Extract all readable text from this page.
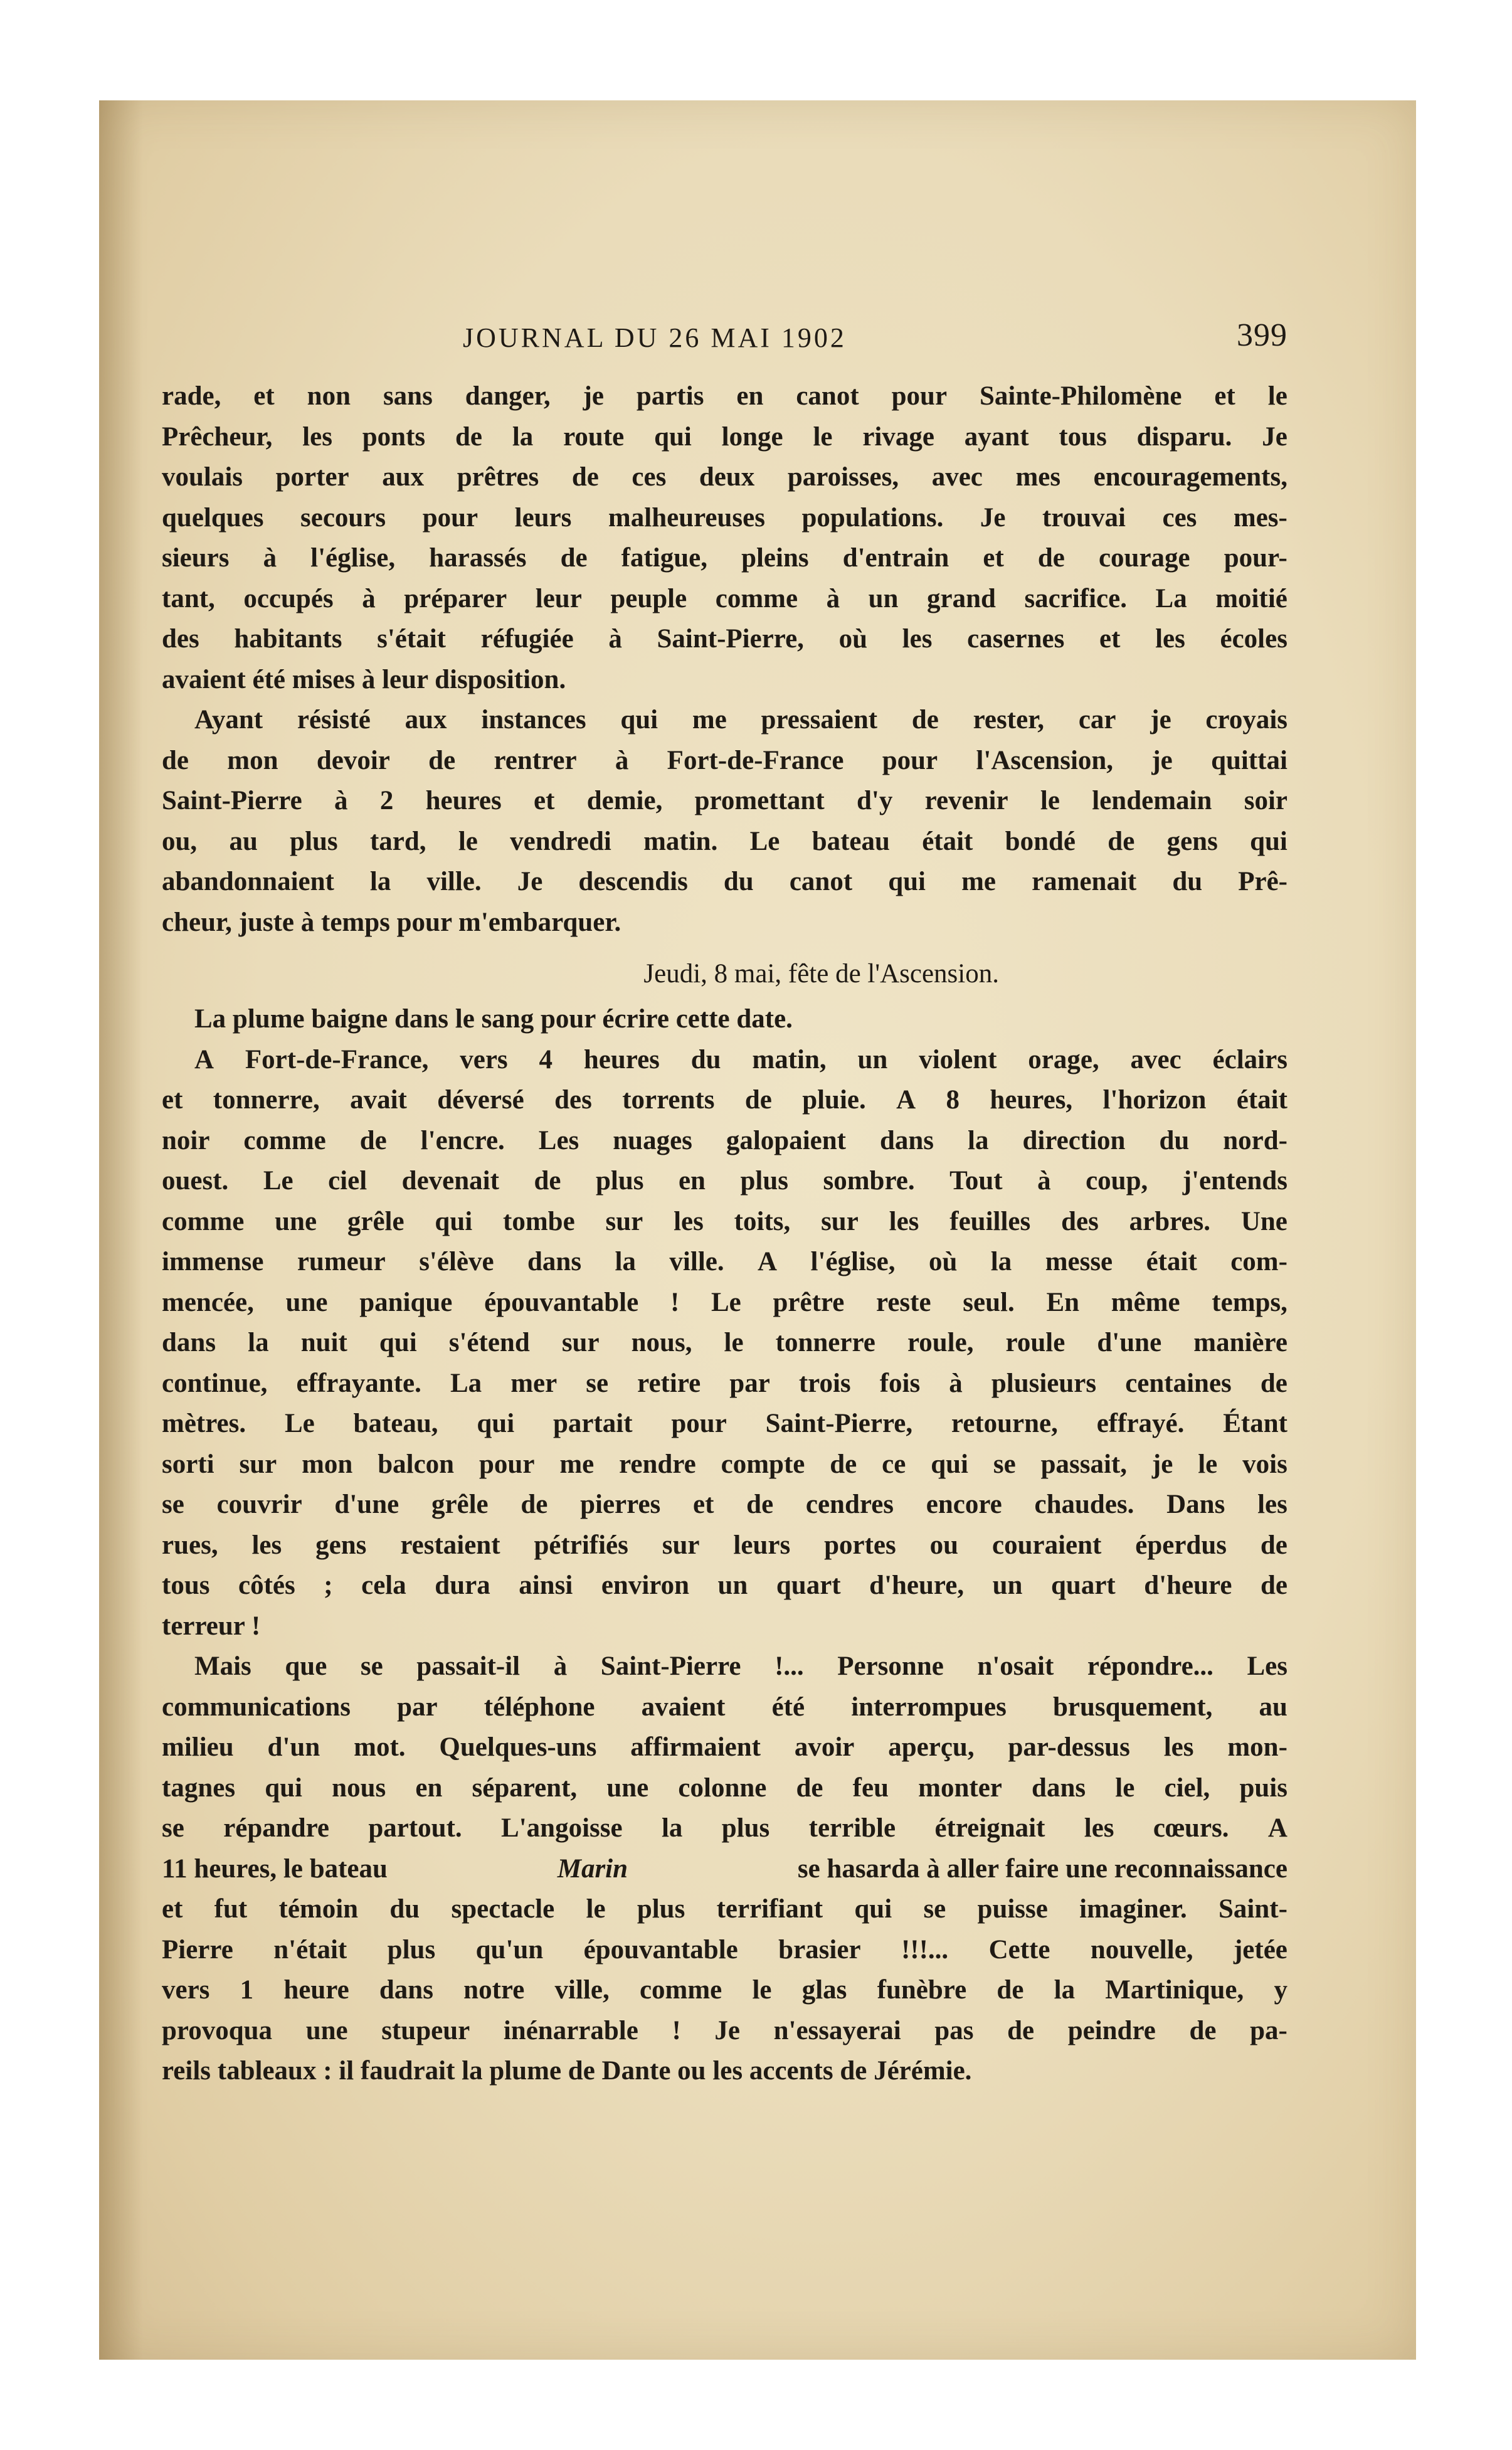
JOURNAL DU 26 MAI 1902	399
rade, et non sans danger, je partis en canot pour Sainte-Philomène et le
Prêcheur, les ponts de la route qui longe le rivage ayant tous disparu. Je
voulais porter aux prêtres de ces deux paroisses, avec mes encouragements,
quelques secours pour leurs malheureuses populations. Je trouvai ces mes-
sieurs à l'église, harassés de fatigue, pleins d'entrain et de courage pour-
tant, occupés à préparer leur peuple comme à un grand sacrifice. La moitié
des habitants s'était réfugiée à Saint-Pierre, où les casernes et les écoles
avaient été mises à leur disposition.
Ayant résisté aux instances qui me pressaient de rester, car je croyais
de mon devoir de rentrer à Fort-de-France pour l'Ascension, je quittai
Saint-Pierre à 2 heures et demie, promettant d'y revenir le lendemain soir
ou, au plus tard, le vendredi matin. Le bateau était bondé de gens qui
abandonnaient la ville. Je descendis du canot qui me ramenait du Prê-
cheur, juste à temps pour m'embarquer.
Jeudi, 8 mai, fête de l'Ascension.
La plume baigne dans le sang pour écrire cette date.
A Fort-de-France, vers 4 heures du matin, un violent orage, avec éclairs
et tonnerre, avait déversé des torrents de pluie. A 8 heures, l'horizon était
noir comme de l'encre. Les nuages galopaient dans la direction du nord-
ouest. Le ciel devenait de plus en plus sombre. Tout à coup, j'entends
comme une grêle qui tombe sur les toits, sur les feuilles des arbres. Une
immense rumeur s'élève dans la ville. A l'église, où la messe était com-
mencée, une panique épouvantable ! Le prêtre reste seul. En même temps,
dans la nuit qui s'étend sur nous, le tonnerre roule, roule d'une manière
continue, effrayante. La mer se retire par trois fois à plusieurs centaines de
mètres. Le bateau, qui partait pour Saint-Pierre, retourne, effrayé. Étant
sorti sur mon balcon pour me rendre compte de ce qui se passait, je le vois
se couvrir d'une grêle de pierres et de cendres encore chaudes. Dans les
rues, les gens restaient pétrifiés sur leurs portes ou couraient éperdus de
tous côtés ; cela dura ainsi environ un quart d'heure, un quart d'heure de
terreur !
Mais que se passait-il à Saint-Pierre !... Personne n'osait répondre... Les
communications par téléphone avaient été interrompues brusquement, au
milieu d'un mot. Quelques-uns affirmaient avoir aperçu, par-dessus les mon-
tagnes qui nous en séparent, une colonne de feu monter dans le ciel, puis
se répandre partout. L'angoisse la plus terrible étreignait les cœurs. A
11 heures, le bateau	Marin	se hasarda à aller faire une reconnaissance
et fut témoin du spectacle le plus terrifiant qui se puisse imaginer. Saint-
Pierre n'était plus qu'un épouvantable brasier !!!... Cette nouvelle, jetée
vers 1 heure dans notre ville, comme le glas funèbre de la Martinique, y
provoqua une stupeur inénarrable ! Je n'essayerai pas de peindre de pa-
reils tableaux : il faudrait la plume de Dante ou les accents de Jérémie.
